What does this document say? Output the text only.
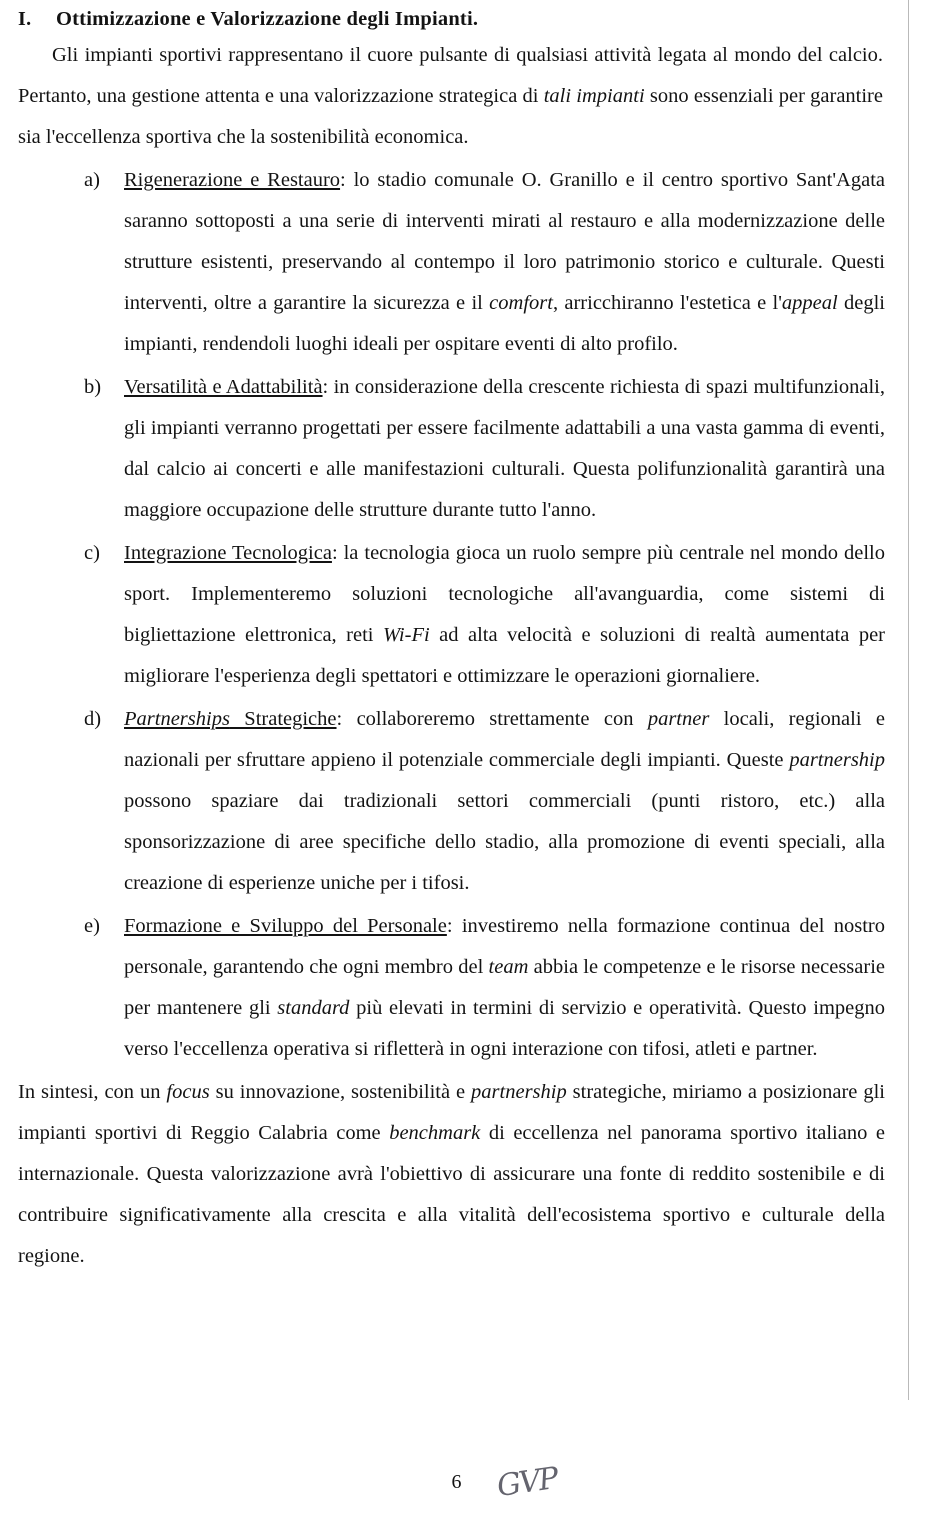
I.	Ottimizzazione e Valorizzazione degli Impianti.

Gli impianti sportivi rappresentano il cuore pulsante di qualsiasi attività legata al mondo del calcio. Pertanto, una gestione attenta e una valorizzazione strategica di tali impianti sono essenziali per garantire sia l'eccellenza sportiva che la sostenibilità economica.

a)	Rigenerazione e Restauro: lo stadio comunale O. Granillo e il centro sportivo Sant'Agata saranno sottoposti a una serie di interventi mirati al restauro e alla modernizzazione delle strutture esistenti, preservando al contempo il loro patrimonio storico e culturale. Questi interventi, oltre a garantire la sicurezza e il comfort, arricchiranno l'estetica e l'appeal degli impianti, rendendoli luoghi ideali per ospitare eventi di alto profilo.
b)	Versatilità e Adattabilità: in considerazione della crescente richiesta di spazi multifunzionali, gli impianti verranno progettati per essere facilmente adattabili a una vasta gamma di eventi, dal calcio ai concerti e alle manifestazioni culturali. Questa polifunzionalità garantirà una maggiore occupazione delle strutture durante tutto l'anno.
c)	Integrazione Tecnologica: la tecnologia gioca un ruolo sempre più centrale nel mondo dello sport. Implementeremo soluzioni tecnologiche all'avanguardia, come sistemi di bigliettazione elettronica, reti Wi-Fi ad alta velocità e soluzioni di realtà aumentata per migliorare l'esperienza degli spettatori e ottimizzare le operazioni giornaliere.
d)	Partnerships Strategiche: collaboreremo strettamente con partner locali, regionali e nazionali per sfruttare appieno il potenziale commerciale degli impianti. Queste partnership possono spaziare dai tradizionali settori commerciali (punti ristoro, etc.) alla sponsorizzazione di aree specifiche dello stadio, alla promozione di eventi speciali, alla creazione di esperienze uniche per i tifosi.
e)	Formazione e Sviluppo del Personale: investiremo nella formazione continua del nostro personale, garantendo che ogni membro del team abbia le competenze e le risorse necessarie per mantenere gli standard più elevati in termini di servizio e operatività. Questo impegno verso l'eccellenza operativa si rifletterà in ogni interazione con tifosi, atleti e partner.

In sintesi, con un focus su innovazione, sostenibilità e partnership strategiche, miriamo a posizionare gli impianti sportivi di Reggio Calabria come benchmark di eccellenza nel panorama sportivo italiano e internazionale. Questa valorizzazione avrà l'obiettivo di assicurare una fonte di reddito sostenibile e di contribuire significativamente alla crescita e alla vitalità dell'ecosistema sportivo e culturale della regione.

6	GVP
